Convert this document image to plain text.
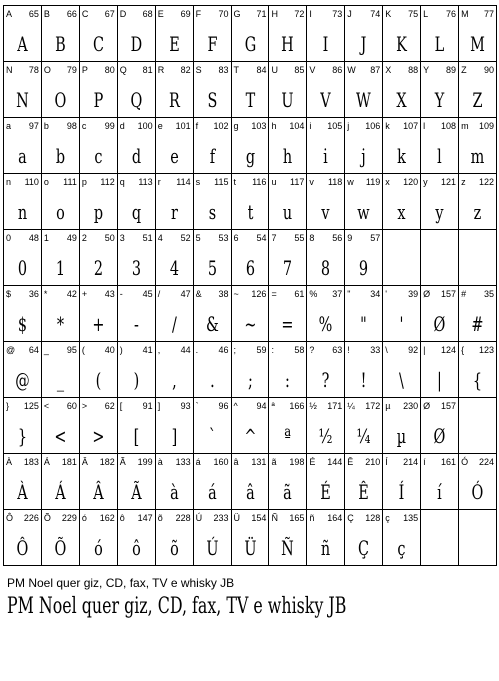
A 65
A
B 66
B
C 67
C
D 68
D
E 69
E
F 70
F
G 71
G
H 72
H
I 73
I
J 74
J
K 75
K
L 76
L
M 77
M
N 78
N
O 79
O
P 80
P
Q 81
Q
R 82
R
S 83
S
T 84
T
U 85
U
V 86
V
W 87
W
X 88
X
Y 89
Y
Z 90
Z
a 97
a
b 98
b
c 99
c
d 100
d
e 101
e
f 102
f
g 103
g
h 104
h
i 105
i
j 106
j
k 107
k
l 108
l
m 109
m
n 110
n
o 111
o
p 112
p
q 113
q
r 114
r
s 115
s
t 116
t
u 117
u
v 118
v
w 119
w
x 120
x
y 121
y
z 122
z
0 48
0
1 49
1
2 50
2
3 51
3
4 52
4
5 53
5
6 54
6
7 55
7
8 56
8
9 57
9
$ 36
$
* 42
*
+ 43
+
- 45
-
/ 47
/
& 38
&
~ 126
~
= 61
=
% 37
%
" 34
"
' 39
'
Ø 157
Ø
# 35
#
@ 64
@
_ 95
_
( 40
(
) 41
)
, 44
,
. 46
.
; 59
;
: 58
:
? 63
?
! 33
!
\ 92
\
| 124
|
{ 123
{
} 125
}
< 60
<
> 62
>
[ 91
[
] 93
]
` 96
`
^ 94
^
ª 166
ª
½ 171
½
¼ 172
¼
µ 230
µ
Ø 157
Ø
À 183
À
Á 181
Á
Â 182
Â
Ã 199
Ã
à 133
à
á 160
á
â 131
â
ã 198
ã
É 144
É
Ê 210
Ê
Í 214
Í
í 161
í
Ó 224
Ó
Ô 226
Ô
Õ 229
Õ
ó 162
ó
ô 147
ô
õ 228
õ
Ú 233
Ú
Ü 154
Ü
Ñ 165
Ñ
ñ 164
ñ
Ç 128
Ç
ç 135
ç
PM Noel quer giz, CD, fax, TV e whisky JB
PM Noel quer giz, CD, fax, TV e whisky JB
